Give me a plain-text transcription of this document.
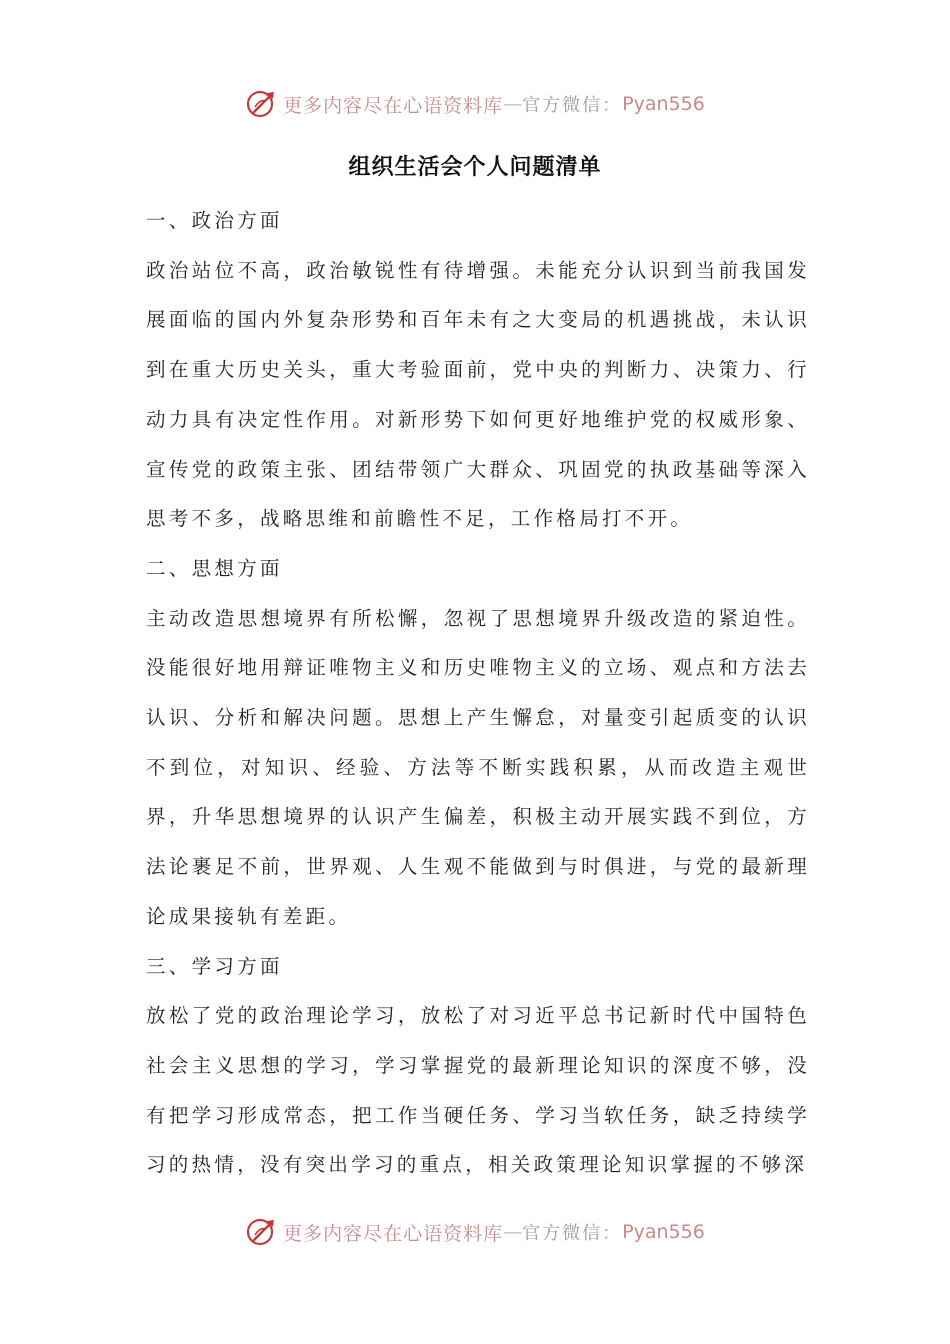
更多内容尽在心语资料库 — 官方微信： Pyan556
组织生活会个人问题清单

一、政治方面

政治站位不高，政治敏锐性有待增强。未能充分认识到当前我国发展面临的国内外复杂形势和百年未有之大变局的机遇挑战，未认识到在重大历史关头，重大考验面前，党中央的判断力、决策力、行动力具有决定性作用。对新形势下如何更好地维护党的权威形象、宣传党的政策主张、团结带领广大群众、巩固党的执政基础等深入思考不多，战略思维和前瞻性不足，工作格局打不开。

二、思想方面

主动改造思想境界有所松懈，忽视了思想境界升级改造的紧迫性。没能很好地用辩证唯物主义和历史唯物主义的立场、观点和方法去认识、分析和解决问题。思想上产生懈怠，对量变引起质变的认识不到位，对知识、经验、方法等不断实践积累，从而改造主观世界，升华思想境界的认识产生偏差，积极主动开展实践不到位，方法论裹足不前，世界观、人生观不能做到与时俱进，与党的最新理论成果接轨有差距。

三、学习方面

放松了党的政治理论学习，放松了对习近平总书记新时代中国特色社会主义思想的学习，学习掌握党的最新理论知识的深度不够，没有把学习形成常态，把工作当硬任务、学习当软任务，缺乏持续学习的热情，没有突出学习的重点，相关政策理论知识掌握的不够深

更多内容尽在心语资料库 — 官方微信： Pyan556
